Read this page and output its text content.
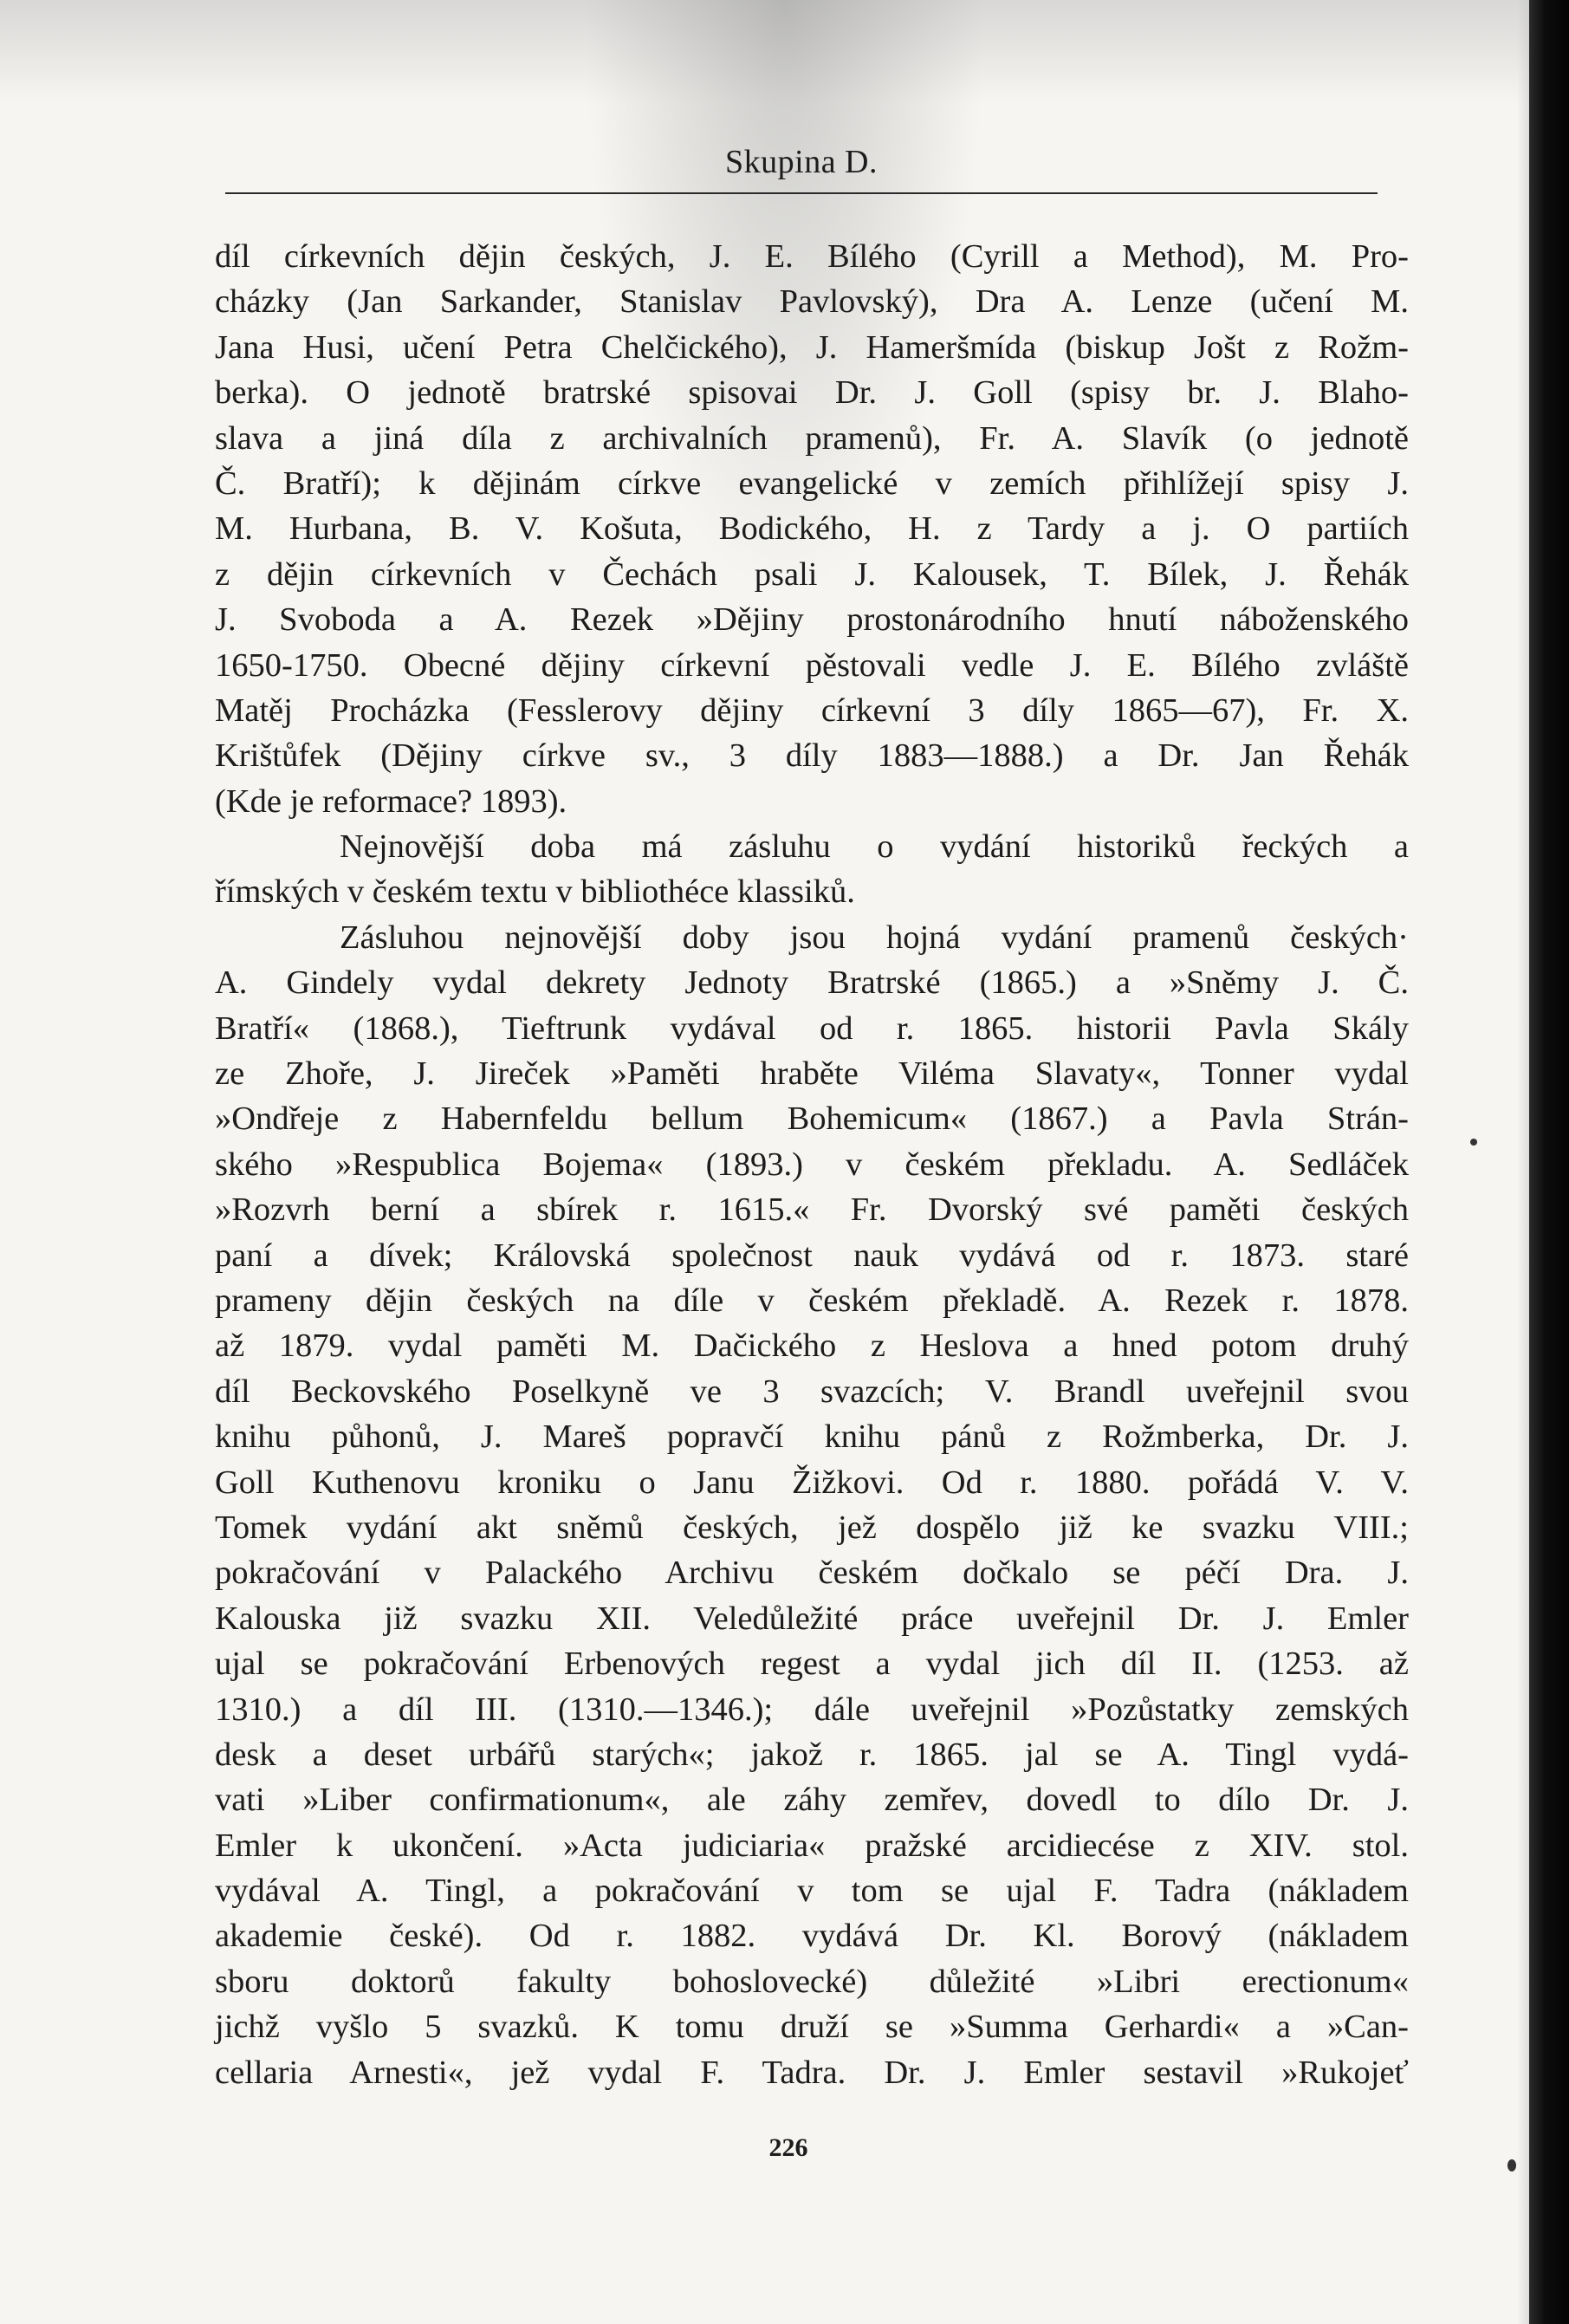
Skupina D.
díl církevních dějin českých, J. E. Bílého (Cyrill a Method), M. Pro-
cházky (Jan Sarkander, Stanislav Pavlovský), Dra A. Lenze (učení M.
Jana Husi, učení Petra Chelčického), J. Hameršmída (biskup Jošt z Rožm-
berka). O jednotě bratrské spisovai Dr. J. Goll (spisy br. J. Blaho-
slava a jiná díla z archivalních pramenů), Fr. A. Slavík (o jednotě
Č. Bratří); k dějinám církve evangelické v zemích přihlížejí spisy J.
M. Hurbana, B. V. Košuta, Bodického, H. z Tardy a j. O partiích
z dějin církevních v Čechách psali J. Kalousek, T. Bílek, J. Řehák
J. Svoboda a A. Rezek »Dějiny prostonárodního hnutí náboženského
1650-1750. Obecné dějiny církevní pěstovali vedle J. E. Bílého zvláště
Matěj Procházka (Fesslerovy dějiny církevní 3 díly 1865—67), Fr. X.
Krištůfek (Dějiny církve sv., 3 díly 1883—1888.) a Dr. Jan Řehák
(Kde je reformace? 1893).
Nejnovější doba má zásluhu o vydání historiků řeckých a
římských v českém textu v bibliothéce klassiků.
Zásluhou nejnovější doby jsou hojná vydání pramenů českých·
A. Gindely vydal dekrety Jednoty Bratrské (1865.) a »Sněmy J. Č.
Bratří« (1868.), Tieftrunk vydával od r. 1865. historii Pavla Skály
ze Zhoře, J. Jireček »Paměti hraběte Viléma Slavaty«, Tonner vydal
»Ondřeje z Habernfeldu bellum Bohemicum« (1867.) a Pavla Strán-
ského »Respublica Bojema« (1893.) v českém překladu. A. Sedláček
»Rozvrh berní a sbírek r. 1615.« Fr. Dvorský své paměti českých
paní a dívek; Královská společnost nauk vydává od r. 1873. staré
prameny dějin českých na díle v českém překladě. A. Rezek r. 1878.
až 1879. vydal paměti M. Dačického z Heslova a hned potom druhý
díl Beckovského Poselkyně ve 3 svazcích; V. Brandl uveřejnil svou
knihu půhonů, J. Mareš popravčí knihu pánů z Rožmberka, Dr. J.
Goll Kuthenovu kroniku o Janu Žižkovi. Od r. 1880. pořádá V. V.
Tomek vydání akt sněmů českých, jež dospělo již ke svazku VIII.;
pokračování v Palackého Archivu českém dočkalo se péčí Dra. J.
Kalouska již svazku XII. Veledůležité práce uveřejnil Dr. J. Emler
ujal se pokračování Erbenových regest a vydal jich díl II. (1253. až
1310.) a díl III. (1310.—1346.); dále uveřejnil »Pozůstatky zemských
desk a deset urbářů starých«; jakož r. 1865. jal se A. Tingl vydá-
vati »Liber confirmationum«, ale záhy zemřev, dovedl to dílo Dr. J.
Emler k ukončení. »Acta judiciaria« pražské arcidiecése z XIV. stol.
vydával A. Tingl, a pokračování v tom se ujal F. Tadra (nákladem
akademie české). Od r. 1882. vydává Dr. Kl. Borový (nákladem
sboru doktorů fakulty bohoslovecké) důležité »Libri erectionum«
jichž vyšlo 5 svazků. K tomu druží se »Summa Gerhardi« a »Can-
cellaria Arnesti«, jež vydal F. Tadra. Dr. J. Emler sestavil »Rukojeť
226
